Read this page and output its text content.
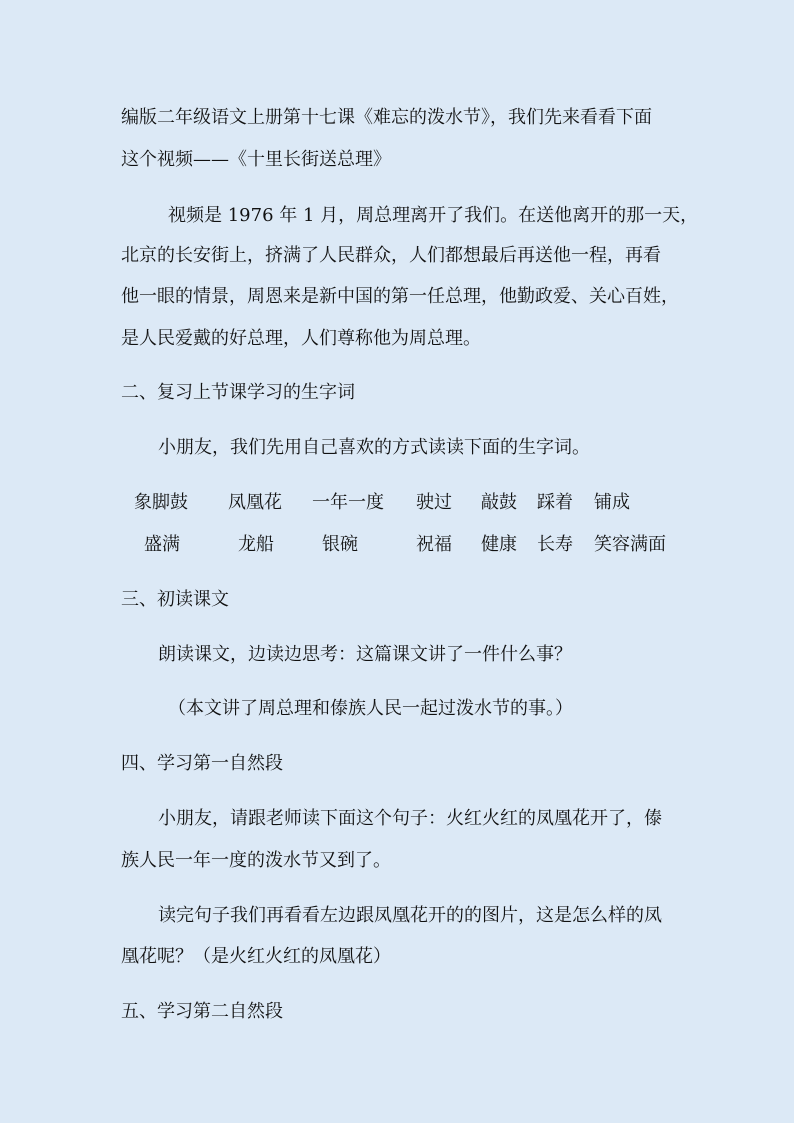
编版二年级语文上册第十七课《难忘的泼水节》，我们先来看看下面
这个视频——《十里长街送总理》
视频是 1976 年 1 月，周总理离开了我们。在送他离开的那一天，
北京的长安街上，挤满了人民群众，人们都想最后再送他一程，再看
他一眼的情景，周恩来是新中国的第一任总理，他勤政爱、关心百姓，
是人民爱戴的好总理，人们尊称他为周总理。
二、复习上节课学习的生字词
小朋友，我们先用自己喜欢的方式读读下面的生字词。
象脚鼓 凤凰花 一年一度 驶过 敲鼓 踩着 铺成
盛满	龙船	银碗	祝福 健康 长寿 笑容满面
三、初读课文
朗读课文，边读边思考：这篇课文讲了一件什么事？
（本文讲了周总理和傣族人民一起过泼水节的事。）
四、学习第一自然段
小朋友，请跟老师读下面这个句子：火红火红的凤凰花开了，傣
族人民一年一度的泼水节又到了。
读完句子我们再看看左边跟凤凰花开的的图片，这是怎么样的凤
凰花呢？（是火红火红的凤凰花）
五、学习第二自然段
